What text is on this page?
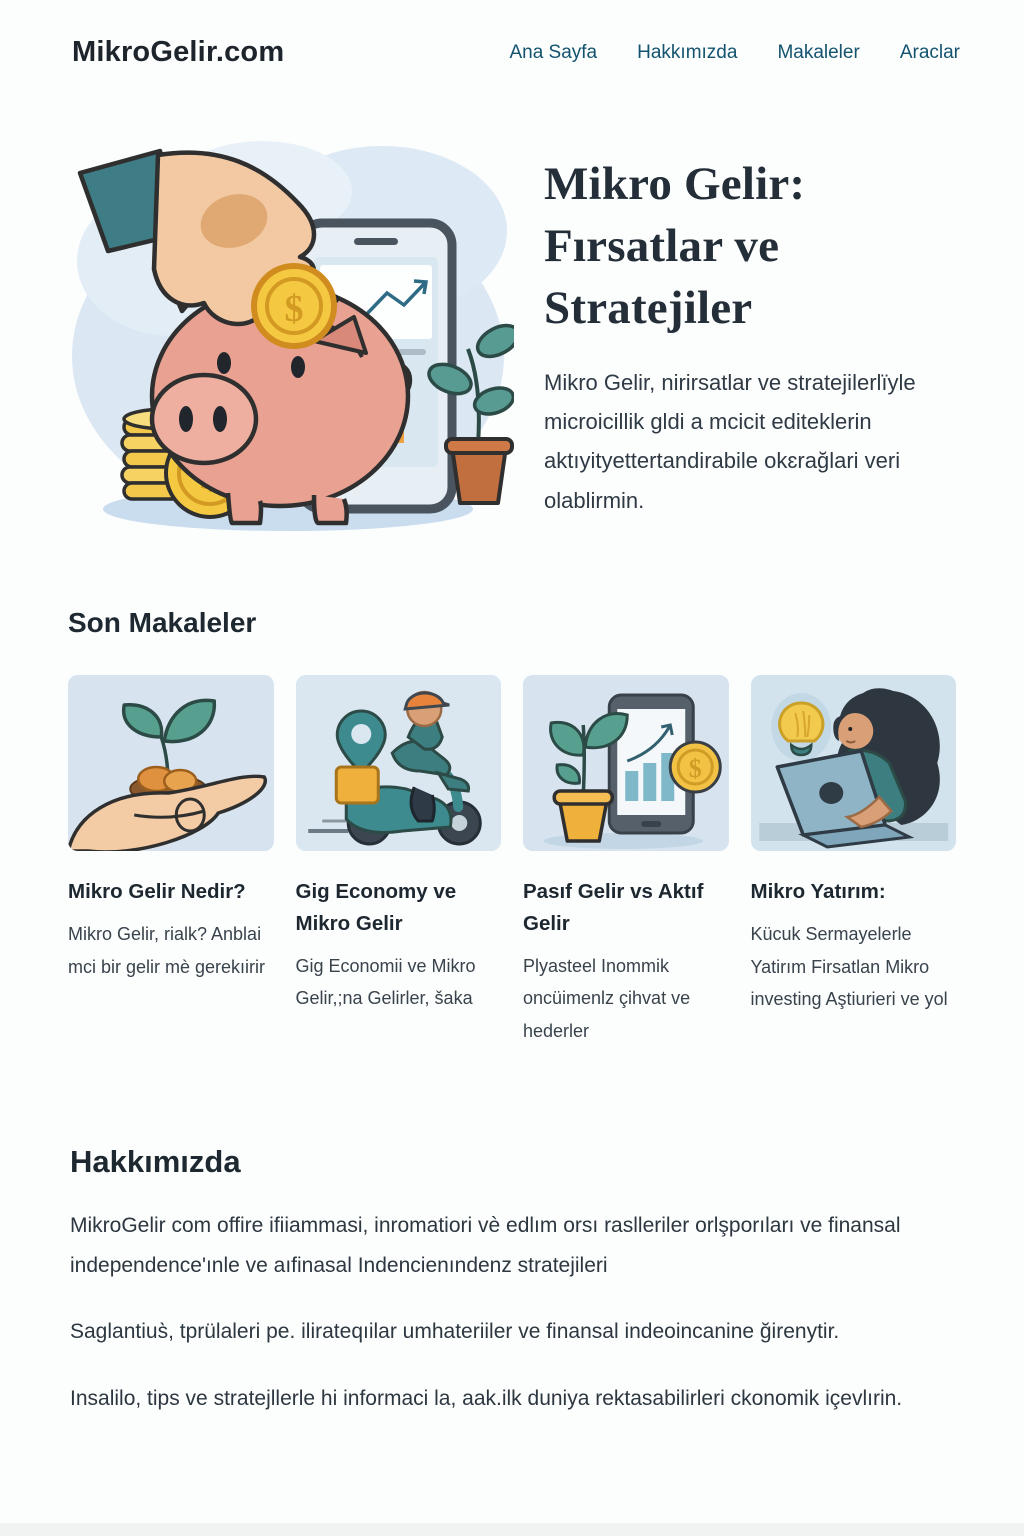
MikroGelir.com	Ana Sayfa Hakkımızda Makaleler Araclar
$
Mikro Gelir: Fırsatlar ve Stratejiler

Mikro Gelir, nirirsatlar ve stratejilerlïyle microicillik gldi a mcicit editeklerin aktıyityettertandirabile okɛrağlari veri olablirmin.

Son Makaleler
Mikro Gelir Nedir?
Mikro Gelir, rialk? Anblai mci bir gelir mè gerekıirir
Gig Economy ve Mikro Gelir
Gig Economii ve Mikro Gelir,;na Gelirler, šaka
$
Pasıf Gelir vs Aktıf Gelir
Plyasteel Inommik oncüimenlz çihvat ve hederler
Mikro Yatırım:
Kücuk Sermayelerle Yatirım Firsatlan Mikro investing Aştiurieri ve yol
Hakkımızda

MikroGelir com offire ifiiammasi, inromatiori vè edlım orsı raslleriler orlşporıları ve finansal independence'ınle ve aıfinasal Indencienındenz stratejileri

Saglantius̀, tprülaleri pe. ilirateqıilar umhateriiler ve finansal indeoincanine ğirenytir.

Insalilo, tips ve stratejllerle hi informaci la, aak.ilk duniya rektasabilirleri ckonomik içevlırin.
